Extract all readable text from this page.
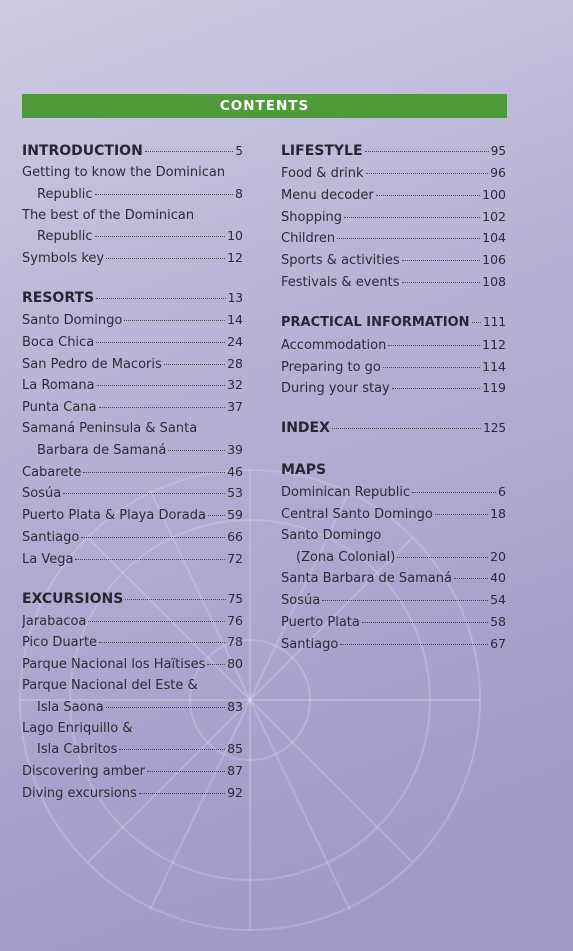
CONTENTS
INTRODUCTION	5
Getting to know the Dominican
Republic	8
The best of the Dominican
Republic	10
Symbols key	12
RESORTS	13
Santo Domingo	14
Boca Chica	24
San Pedro de Macoris	28
La Romana	32
Punta Cana	37
Samaná Peninsula & Santa
Barbara de Samaná	39
Cabarete	46
Sosúa	53
Puerto Plata & Playa Dorada 59
Santiago	66
La Vega	72
EXCURSIONS	75
Jarabacoa	76
Pico Duarte	78
Parque Nacional los Haïtises 80
Parque Nacional del Este &
Isla Saona	83
Lago Enriquillo &
Isla Cabritos	85
Discovering amber	87
Diving excursions	92
LIFESTYLE	95
Food & drink	96
Menu decoder	100
Shopping	102
Children	104
Sports & activities	106
Festivals & events	108
PRACTICAL INFORMATION 111
Accommodation	112
Preparing to go	114
During your stay	119
INDEX	125
MAPS
Dominican Republic	6
Central Santo Domingo	18
Santo Domingo
(Zona Colonial)	20
Santa Barbara de Samaná	40
Sosúa	54
Puerto Plata	58
Santiago	67
